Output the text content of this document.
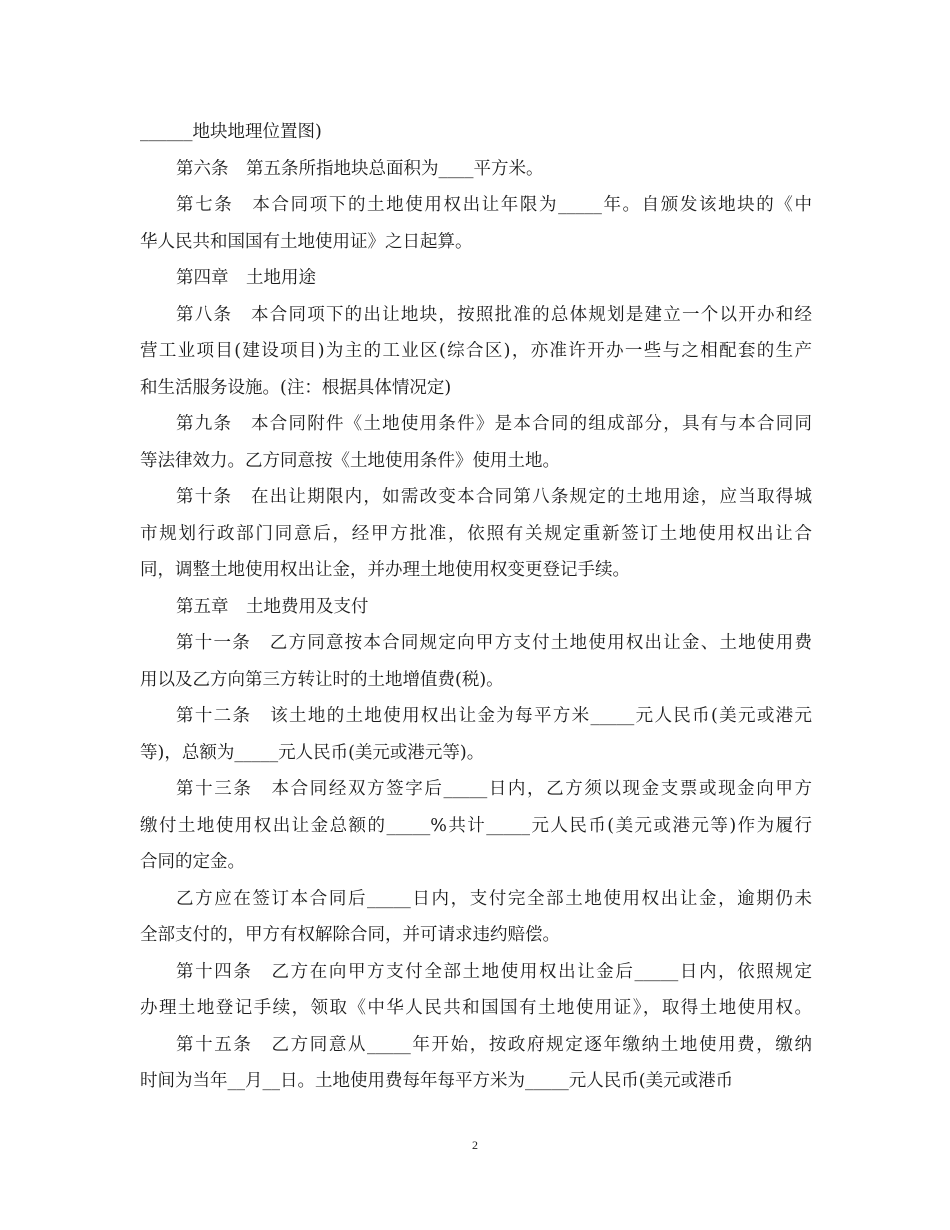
______地块地理位置图)
第六条　第五条所指地块总面积为____平方米。
第七条　本合同项下的土地使用权出让年限为_____年。自颁发该地块的《中
华人民共和国国有土地使用证》之日起算。
第四章　土地用途
第八条　本合同项下的出让地块，按照批准的总体规划是建立一个以开办和经
营工业项目(建设项目)为主的工业区(综合区)，亦准许开办一些与之相配套的生产
和生活服务设施。(注：根据具体情况定)
第九条　本合同附件《土地使用条件》是本合同的组成部分，具有与本合同同
等法律效力。乙方同意按《土地使用条件》使用土地。
第十条　在出让期限内，如需改变本合同第八条规定的土地用途，应当取得城
市规划行政部门同意后，经甲方批准，依照有关规定重新签订土地使用权出让合
同，调整土地使用权出让金，并办理土地使用权变更登记手续。
第五章　土地费用及支付
第十一条　乙方同意按本合同规定向甲方支付土地使用权出让金、土地使用费
用以及乙方向第三方转让时的土地增值费(税)。
第十二条　该土地的土地使用权出让金为每平方米_____元人民币(美元或港元
等)，总额为_____元人民币(美元或港元等)。
第十三条　本合同经双方签字后_____日内，乙方须以现金支票或现金向甲方
缴付土地使用权出让金总额的_____%共计_____元人民币(美元或港元等)作为履行
合同的定金。
乙方应在签订本合同后_____日内，支付完全部土地使用权出让金，逾期仍未
全部支付的，甲方有权解除合同，并可请求违约赔偿。
第十四条　乙方在向甲方支付全部土地使用权出让金后_____日内，依照规定
办理土地登记手续，领取《中华人民共和国国有土地使用证》，取得土地使用权。
第十五条　乙方同意从_____年开始，按政府规定逐年缴纳土地使用费，缴纳
时间为当年__月__日。土地使用费每年每平方米为_____元人民币(美元或港币
2
